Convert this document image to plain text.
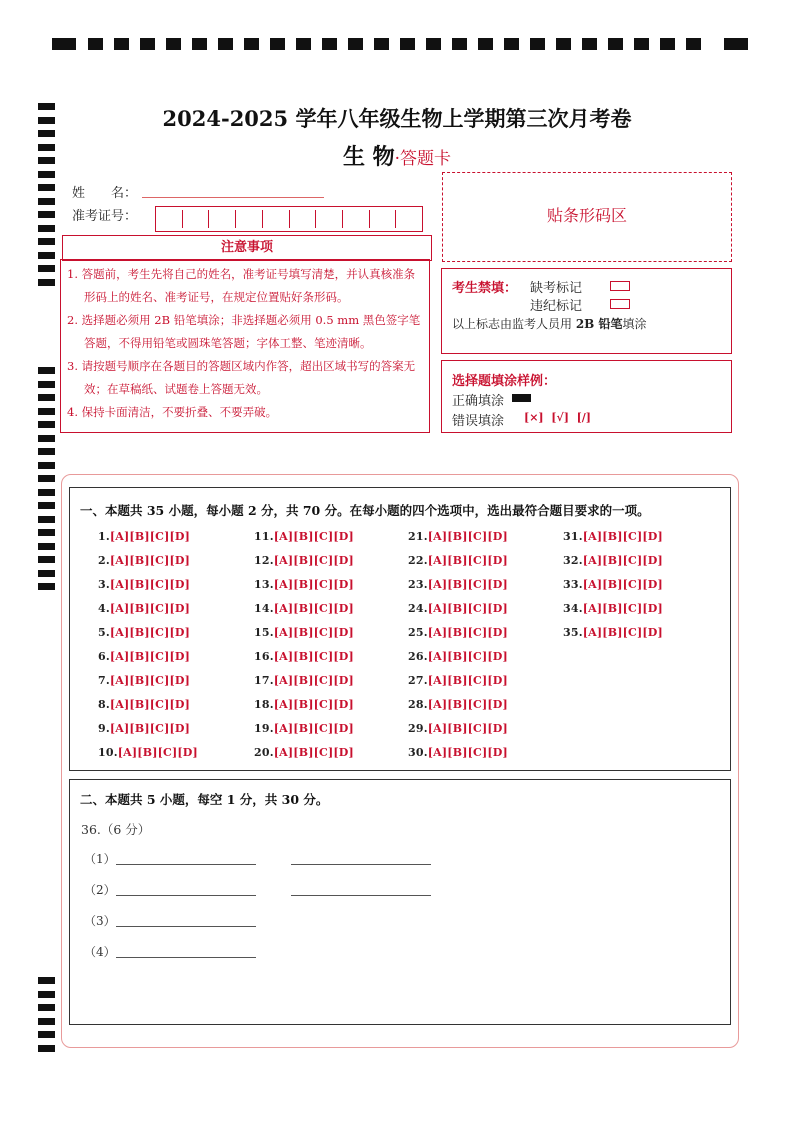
2024-2025 学年八年级生物上学期第三次月考卷
生 物·答题卡
姓　　名：
准考证号：
注意事项

1. 答题前，考生先将自己的姓名，准考证号填写清楚，并认真核准条形码上的姓名、准考证号，在规定位置贴好条形码。

2. 选择题必须用 2B 铅笔填涂；非选择题必须用 0.5 mm 黑色签字笔答题，不得用铅笔或圆珠笔答题；字体工整、笔迹清晰。

3. 请按题号顺序在各题目的答题区域内作答，超出区域书写的答案无效；在草稿纸、试题卷上答题无效。

4. 保持卡面清洁，不要折叠、不要弄破。

贴条形码区
考生禁填： 缺考标记
违纪标记
以上标志由监考人员用 2B 铅笔填涂
选择题填涂样例：
正确填涂
错误填涂 [×]  [√]  [/]
一、本题共 35 小题，每小题 2 分，共 70 分。在每小题的四个选项中，选出最符合题目要求的一项。
1.[A][B][C][D]
2.[A][B][C][D]
3.[A][B][C][D]
4.[A][B][C][D]
5.[A][B][C][D]
6.[A][B][C][D]
7.[A][B][C][D]
8.[A][B][C][D]
9.[A][B][C][D]
10.[A][B][C][D]
11.[A][B][C][D]
12.[A][B][C][D]
13.[A][B][C][D]
14.[A][B][C][D]
15.[A][B][C][D]
16.[A][B][C][D]
17.[A][B][C][D]
18.[A][B][C][D]
19.[A][B][C][D]
20.[A][B][C][D]
21.[A][B][C][D]
22.[A][B][C][D]
23.[A][B][C][D]
24.[A][B][C][D]
25.[A][B][C][D]
26.[A][B][C][D]
27.[A][B][C][D]
28.[A][B][C][D]
29.[A][B][C][D]
30.[A][B][C][D]
31.[A][B][C][D]
32.[A][B][C][D]
33.[A][B][C][D]
34.[A][B][C][D]
35.[A][B][C][D]
二、本题共 5 小题，每空 1 分，共 30 分。
36.（6 分）
（1）
（2）
（3）
（4）
